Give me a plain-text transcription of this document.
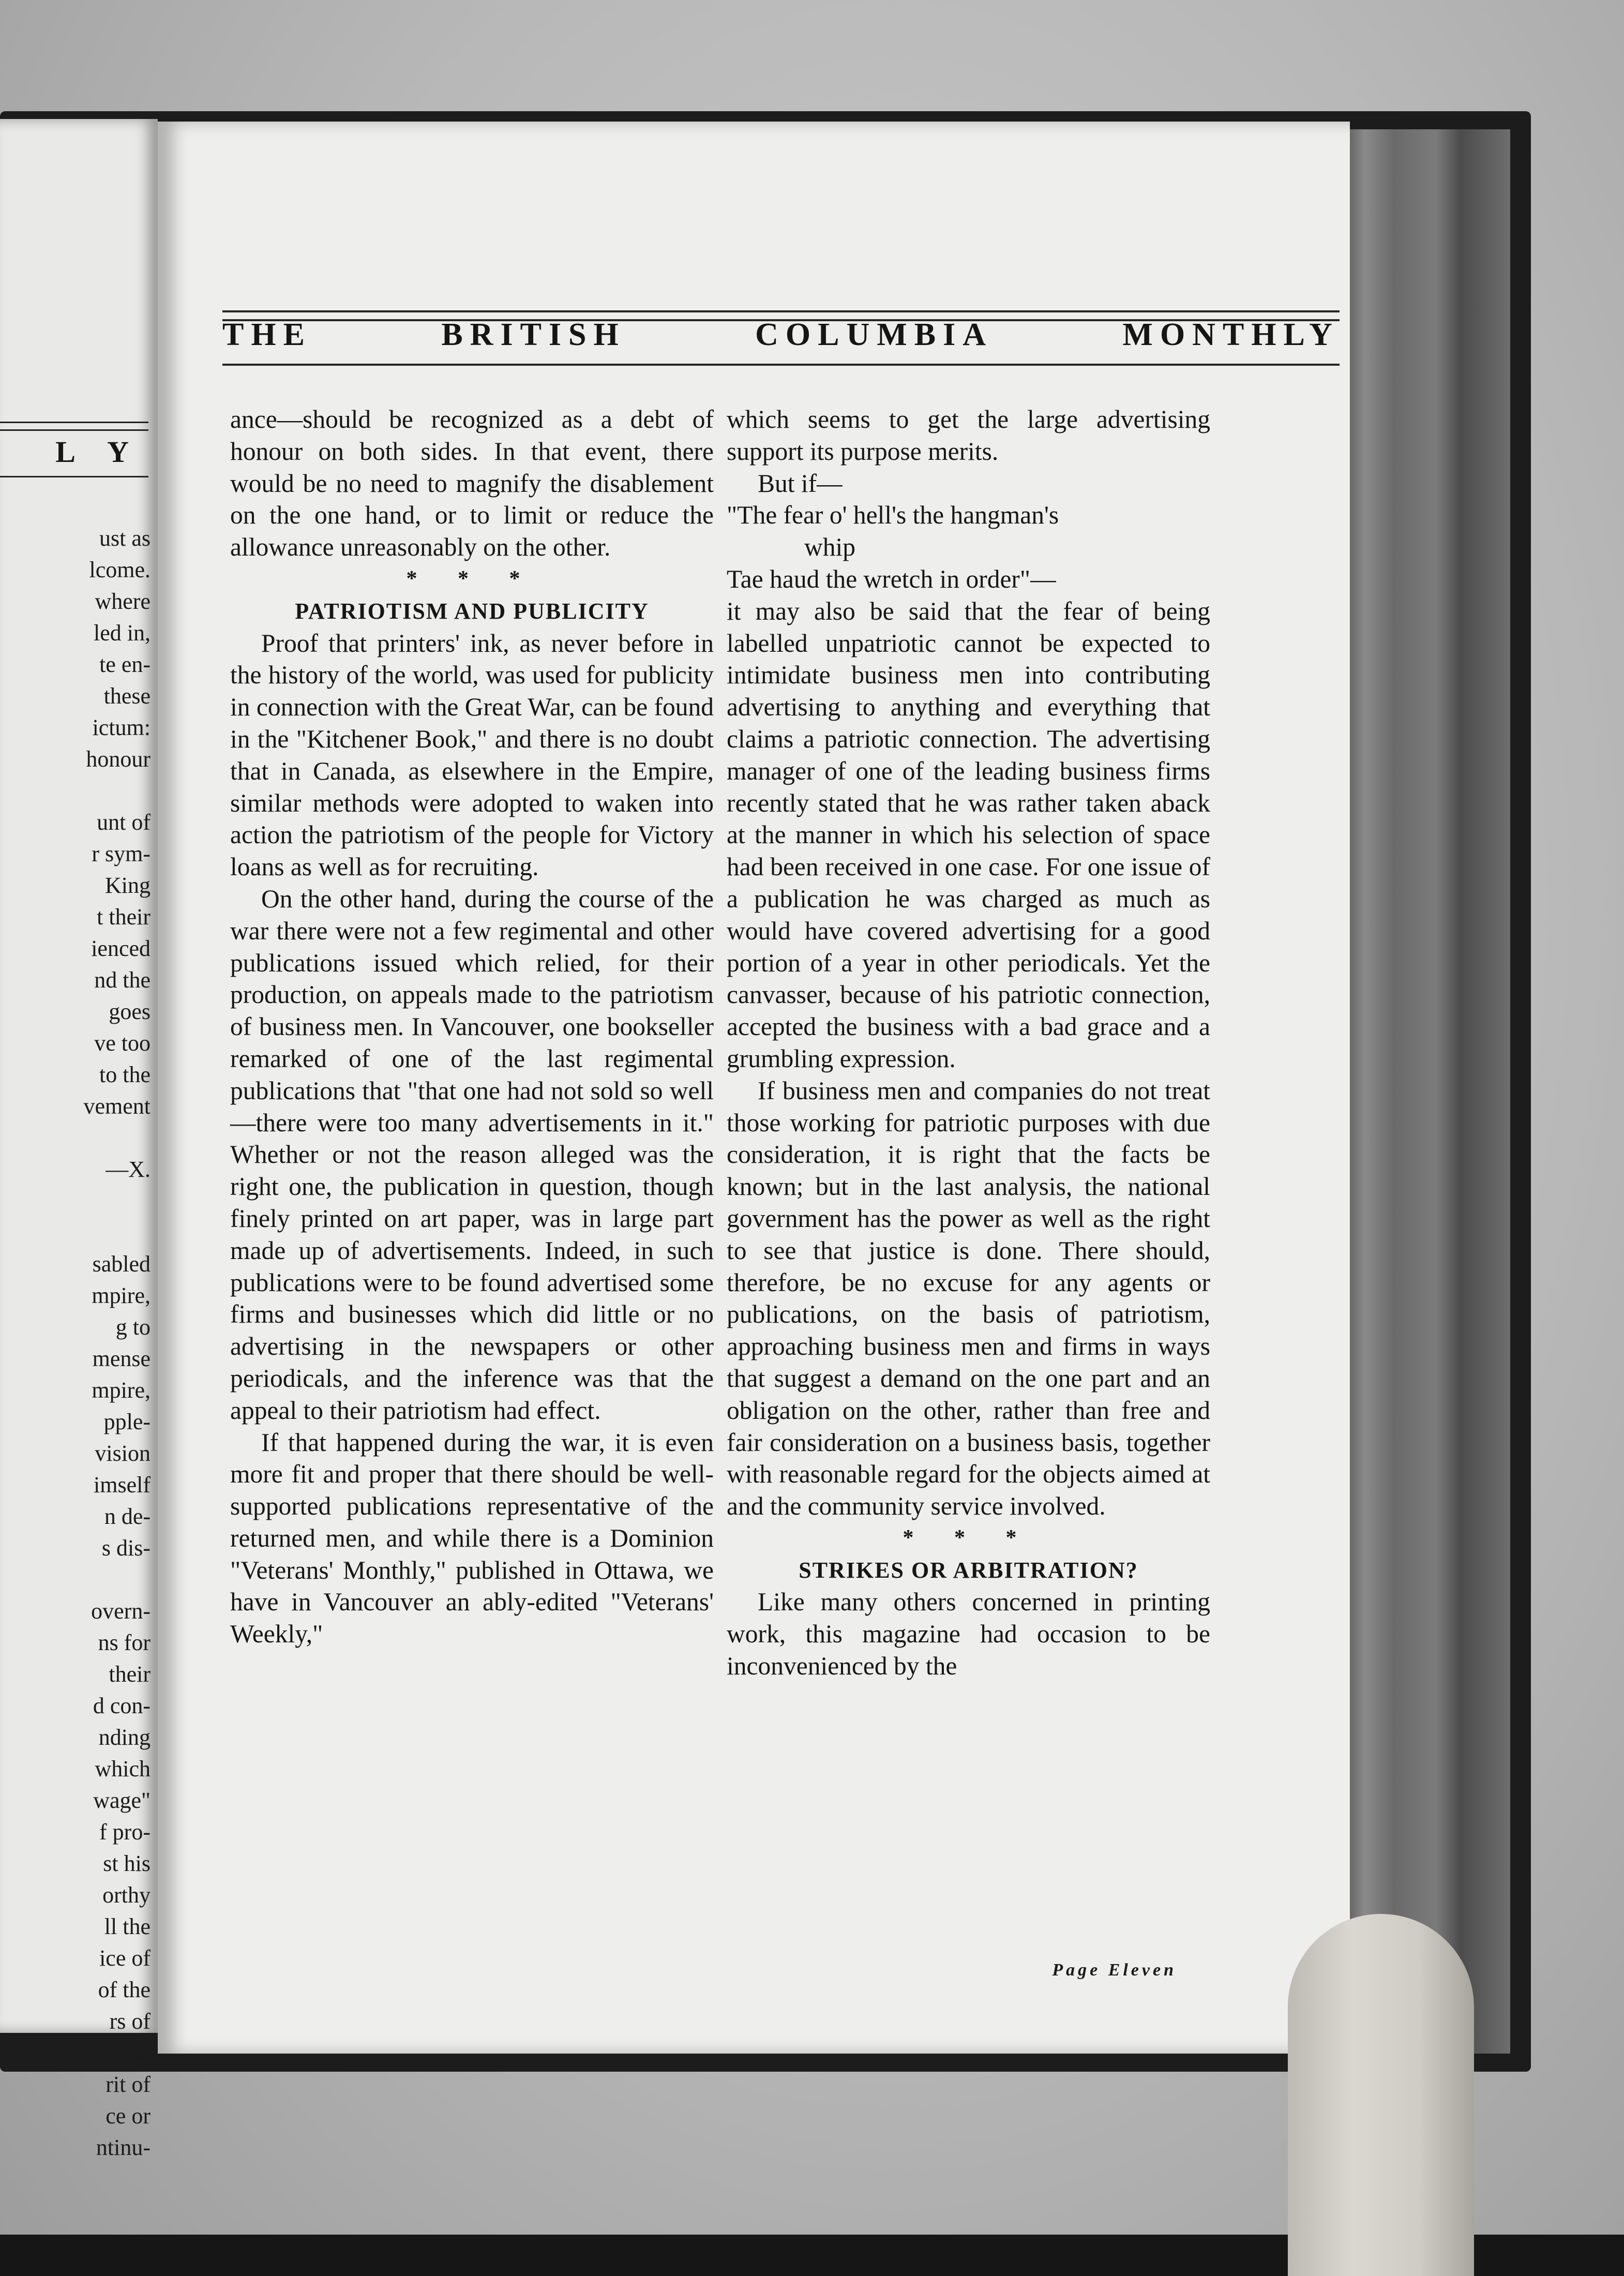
L Y
ust as
lcome.
where
led in,
te en-
these
ictum:
honour
unt of
r sym-
King
t their
ienced
nd the
goes
ve too
to the
vement
—X.
sabled
mpire,
g to
mense
mpire,
pple-
vision
imself
n de-
s dis-
overn-
ns for
their
d con-
nding
which
wage"
f pro-
st his
orthy
ll the
ice of
of the
rs of
ot be
rit of
ce or
ntinu-
THE	BRITISH	COLUMBIA	MONTHLY

ance—should be recognized as a debt of honour on both sides. In that event, there would be no need to magnify the disablement on the one hand, or to limit or reduce the allowance unreasonably on the other.

* * *

PATRIOTISM AND PUBLICITY

Proof that printers' ink, as never before in the history of the world, was used for publicity in connection with the Great War, can be found in the "Kitchener Book," and there is no doubt that in Canada, as elsewhere in the Empire, similar methods were adopted to waken into action the patriotism of the people for Victory loans as well as for recruiting.

On the other hand, during the course of the war there were not a few regimental and other publications issued which relied, for their production, on appeals made to the patriotism of business men. In Vancouver, one bookseller remarked of one of the last regimental publications that "that one had not sold so well—there were too many advertisements in it." Whether or not the reason alleged was the right one, the publication in question, though finely printed on art paper, was in large part made up of advertisements. Indeed, in such publications were to be found advertised some firms and businesses which did little or no advertising in the newspapers or other periodicals, and the inference was that the appeal to their patriotism had effect.

If that happened during the war, it is even more fit and proper that there should be well-supported publications representative of the returned men, and while there is a Dominion "Veterans' Monthly," published in Ottawa, we have in Vancouver an ably-edited "Veterans' Weekly,"

which seems to get the large advertising support its purpose merits.

But if—

"The fear o' hell's the hangman's

whip

Tae haud the wretch in order"—

it may also be said that the fear of being labelled unpatriotic cannot be expected to intimidate business men into contributing advertising to anything and everything that claims a patriotic connection. The advertising manager of one of the leading business firms recently stated that he was rather taken aback at the manner in which his selection of space had been received in one case. For one issue of a publication he was charged as much as would have covered advertising for a good portion of a year in other periodicals. Yet the canvasser, because of his patriotic connection, accepted the business with a bad grace and a grumbling expression.

If business men and companies do not treat those working for patriotic purposes with due consideration, it is right that the facts be known; but in the last analysis, the national government has the power as well as the right to see that justice is done. There should, therefore, be no excuse for any agents or publications, on the basis of patriotism, approaching business men and firms in ways that suggest a demand on the one part and an obligation on the other, rather than free and fair consideration on a business basis, together with reasonable regard for the objects aimed at and the community service involved.

* * *

STRIKES OR ARBITRATION?

Like many others concerned in printing work, this magazine had occasion to be inconvenienced by the

Page Eleven
